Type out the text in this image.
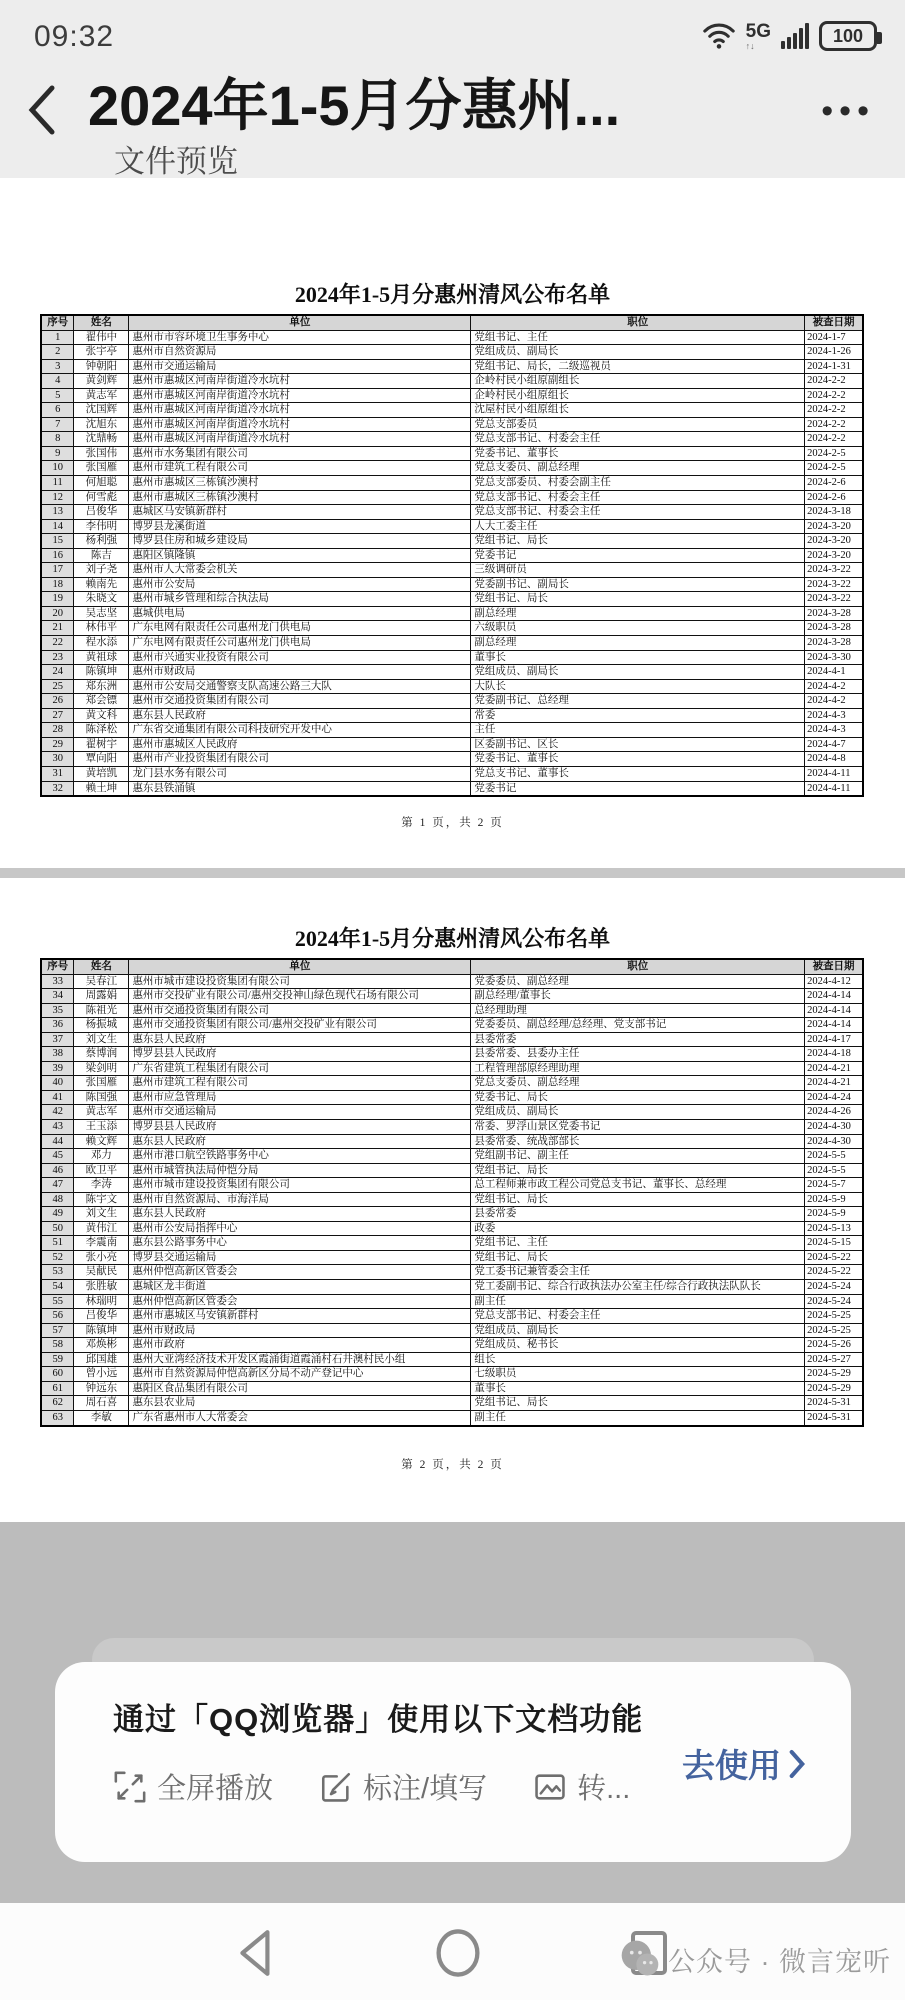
09:32	5G
↑↓	100
2024年1-5月分惠州...	•••
文件预览
2024年1-5月分惠州清风公布名单
序号	姓名	单位	职位	被查日期
1	翟伟中	惠州市市容环境卫生事务中心	党组书记、主任	2024-1-7
2	张宇亭	惠州市自然资源局	党组成员、副局长	2024-1-26
3	钟朝阳	惠州市交通运输局	党组书记、局长，二级巡视员	2024-1-31
4	黄剑辉	惠州市惠城区河南岸街道冷水坑村	企岭村民小组原副组长	2024-2-2
5	黄志军	惠州市惠城区河南岸街道冷水坑村	企岭村民小组原组长	2024-2-2
6	沈国辉	惠州市惠城区河南岸街道冷水坑村	沈屋村民小组原组长	2024-2-2
7	沈旭东	惠州市惠城区河南岸街道冷水坑村	党总支部委员	2024-2-2
8	沈鼎畅	惠州市惠城区河南岸街道冷水坑村	党总支部书记、村委会主任	2024-2-2
9	张国伟	惠州市水务集团有限公司	党委书记、董事长	2024-2-5
10	张国雁	惠州市建筑工程有限公司	党总支委员、副总经理	2024-2-5
11	何旭聪	惠州市惠城区三栋镇沙澳村	党总支部委员、村委会副主任	2024-2-6
12	何雪彪	惠州市惠城区三栋镇沙澳村	党总支部书记、村委会主任	2024-2-6
13	吕俊华	惠城区马安镇新群村	党总支部书记、村委会主任	2024-3-18
14	李伟明	博罗县龙溪街道	人大工委主任	2024-3-20
15	杨利强	博罗县住房和城乡建设局	党组书记、局长	2024-3-20
16	陈吉	惠阳区镇隆镇	党委书记	2024-3-20
17	刘子尧	惠州市人大常委会机关	三级调研员	2024-3-22
18	赖南先	惠州市公安局	党委副书记、副局长	2024-3-22
19	朱晓文	惠州市城乡管理和综合执法局	党组书记、局长	2024-3-22
20	吴志坚	惠城供电局	副总经理	2024-3-28
21	林伟平	广东电网有限责任公司惠州龙门供电局	六级职员	2024-3-28
22	程水添	广东电网有限责任公司惠州龙门供电局	副总经理	2024-3-28
23	黄祖球	惠州市兴通实业投资有限公司	董事长	2024-3-30
24	陈镇坤	惠州市财政局	党组成员、副局长	2024-4-1
25	郑东洲	惠州市公安局交通警察支队高速公路三大队	大队长	2024-4-2
26	郑会镖	惠州市交通投资集团有限公司	党委副书记、总经理	2024-4-2
27	黄文科	惠东县人民政府	常委	2024-4-3
28	陈泽松	广东省交通集团有限公司科技研究开发中心	主任	2024-4-3
29	翟树宇	惠州市惠城区人民政府	区委副书记、区长	2024-4-7
30	覃向阳	惠州市产业投资集团有限公司	党委书记、董事长	2024-4-8
31	黄培凯	龙门县水务有限公司	党总支书记、董事长	2024-4-11
32	赖土坤	惠东县铁涌镇	党委书记	2024-4-11
第 1 页，共 2 页
2024年1-5月分惠州清风公布名单
序号	姓名	单位	职位	被查日期
33	吴春江	惠州市城市建设投资集团有限公司	党委委员、副总经理	2024-4-12
34	周露娟	惠州市交投矿业有限公司/惠州交投神山绿色现代石场有限公司	副总经理/董事长	2024-4-14
35	陈祖光	惠州市交通投资集团有限公司	总经理助理	2024-4-14
36	杨振城	惠州市交通投资集团有限公司/惠州交投矿业有限公司	党委委员、副总经理/总经理、党支部书记	2024-4-14
37	刘文生	惠东县人民政府	县委常委	2024-4-17
38	蔡博润	博罗县县人民政府	县委常委、县委办主任	2024-4-18
39	梁剑明	广东省建筑工程集团有限公司	工程管理部原经理助理	2024-4-21
40	张国雁	惠州市建筑工程有限公司	党总支委员、副总经理	2024-4-21
41	陈国强	惠州市应急管理局	党委书记、局长	2024-4-24
42	黄志军	惠州市交通运输局	党组成员、副局长	2024-4-26
43	王玉添	博罗县县人民政府	常委、罗浮山景区党委书记	2024-4-30
44	赖文辉	惠东县人民政府	县委常委、统战部部长	2024-4-30
45	邓力	惠州市港口航空铁路事务中心	党组副书记、副主任	2024-5-5
46	欧卫平	惠州市城管执法局仲恺分局	党组书记、局长	2024-5-5
47	李涛	惠州市城市建设投资集团有限公司	总工程师兼市政工程公司党总支书记、董事长、总经理	2024-5-7
48	陈宇文	惠州市自然资源局、市海洋局	党组书记、局长	2024-5-9
49	刘文生	惠东县人民政府	县委常委	2024-5-9
50	黄伟江	惠州市公安局指挥中心	政委	2024-5-13
51	李震南	惠东县公路事务中心	党组书记、主任	2024-5-15
52	张小亮	博罗县交通运输局	党组书记、局长	2024-5-22
53	吴献民	惠州仲恺高新区管委会	党工委书记兼管委会主任	2024-5-22
54	张胜敏	惠城区龙丰街道	党工委副书记、综合行政执法办公室主任/综合行政执法队队长	2024-5-24
55	林瑞明	惠州仲恺高新区管委会	副主任	2024-5-24
56	吕俊华	惠州市惠城区马安镇新群村	党总支部书记、村委会主任	2024-5-25
57	陈镇坤	惠州市财政局	党组成员、副局长	2024-5-25
58	邓焕彬	惠州市政府	党组成员、秘书长	2024-5-26
59	邱国雄	惠州大亚湾经济技术开发区霞涌街道霞涌村石井澳村民小组	组长	2024-5-27
60	曾小远	惠州市自然资源局仲恺高新区分局不动产登记中心	七级职员	2024-5-29
61	钟远东	惠阳区食品集团有限公司	董事长	2024-5-29
62	周石喜	惠东县农业局	党组书记、局长	2024-5-31
63	李敏	广东省惠州市人大常委会	副主任	2024-5-31
第 2 页，共 2 页
通过「QQ浏览器」使用以下文档功能
全屏播放	标注/填写	转...
去使用
公众号 · 微言宠听
